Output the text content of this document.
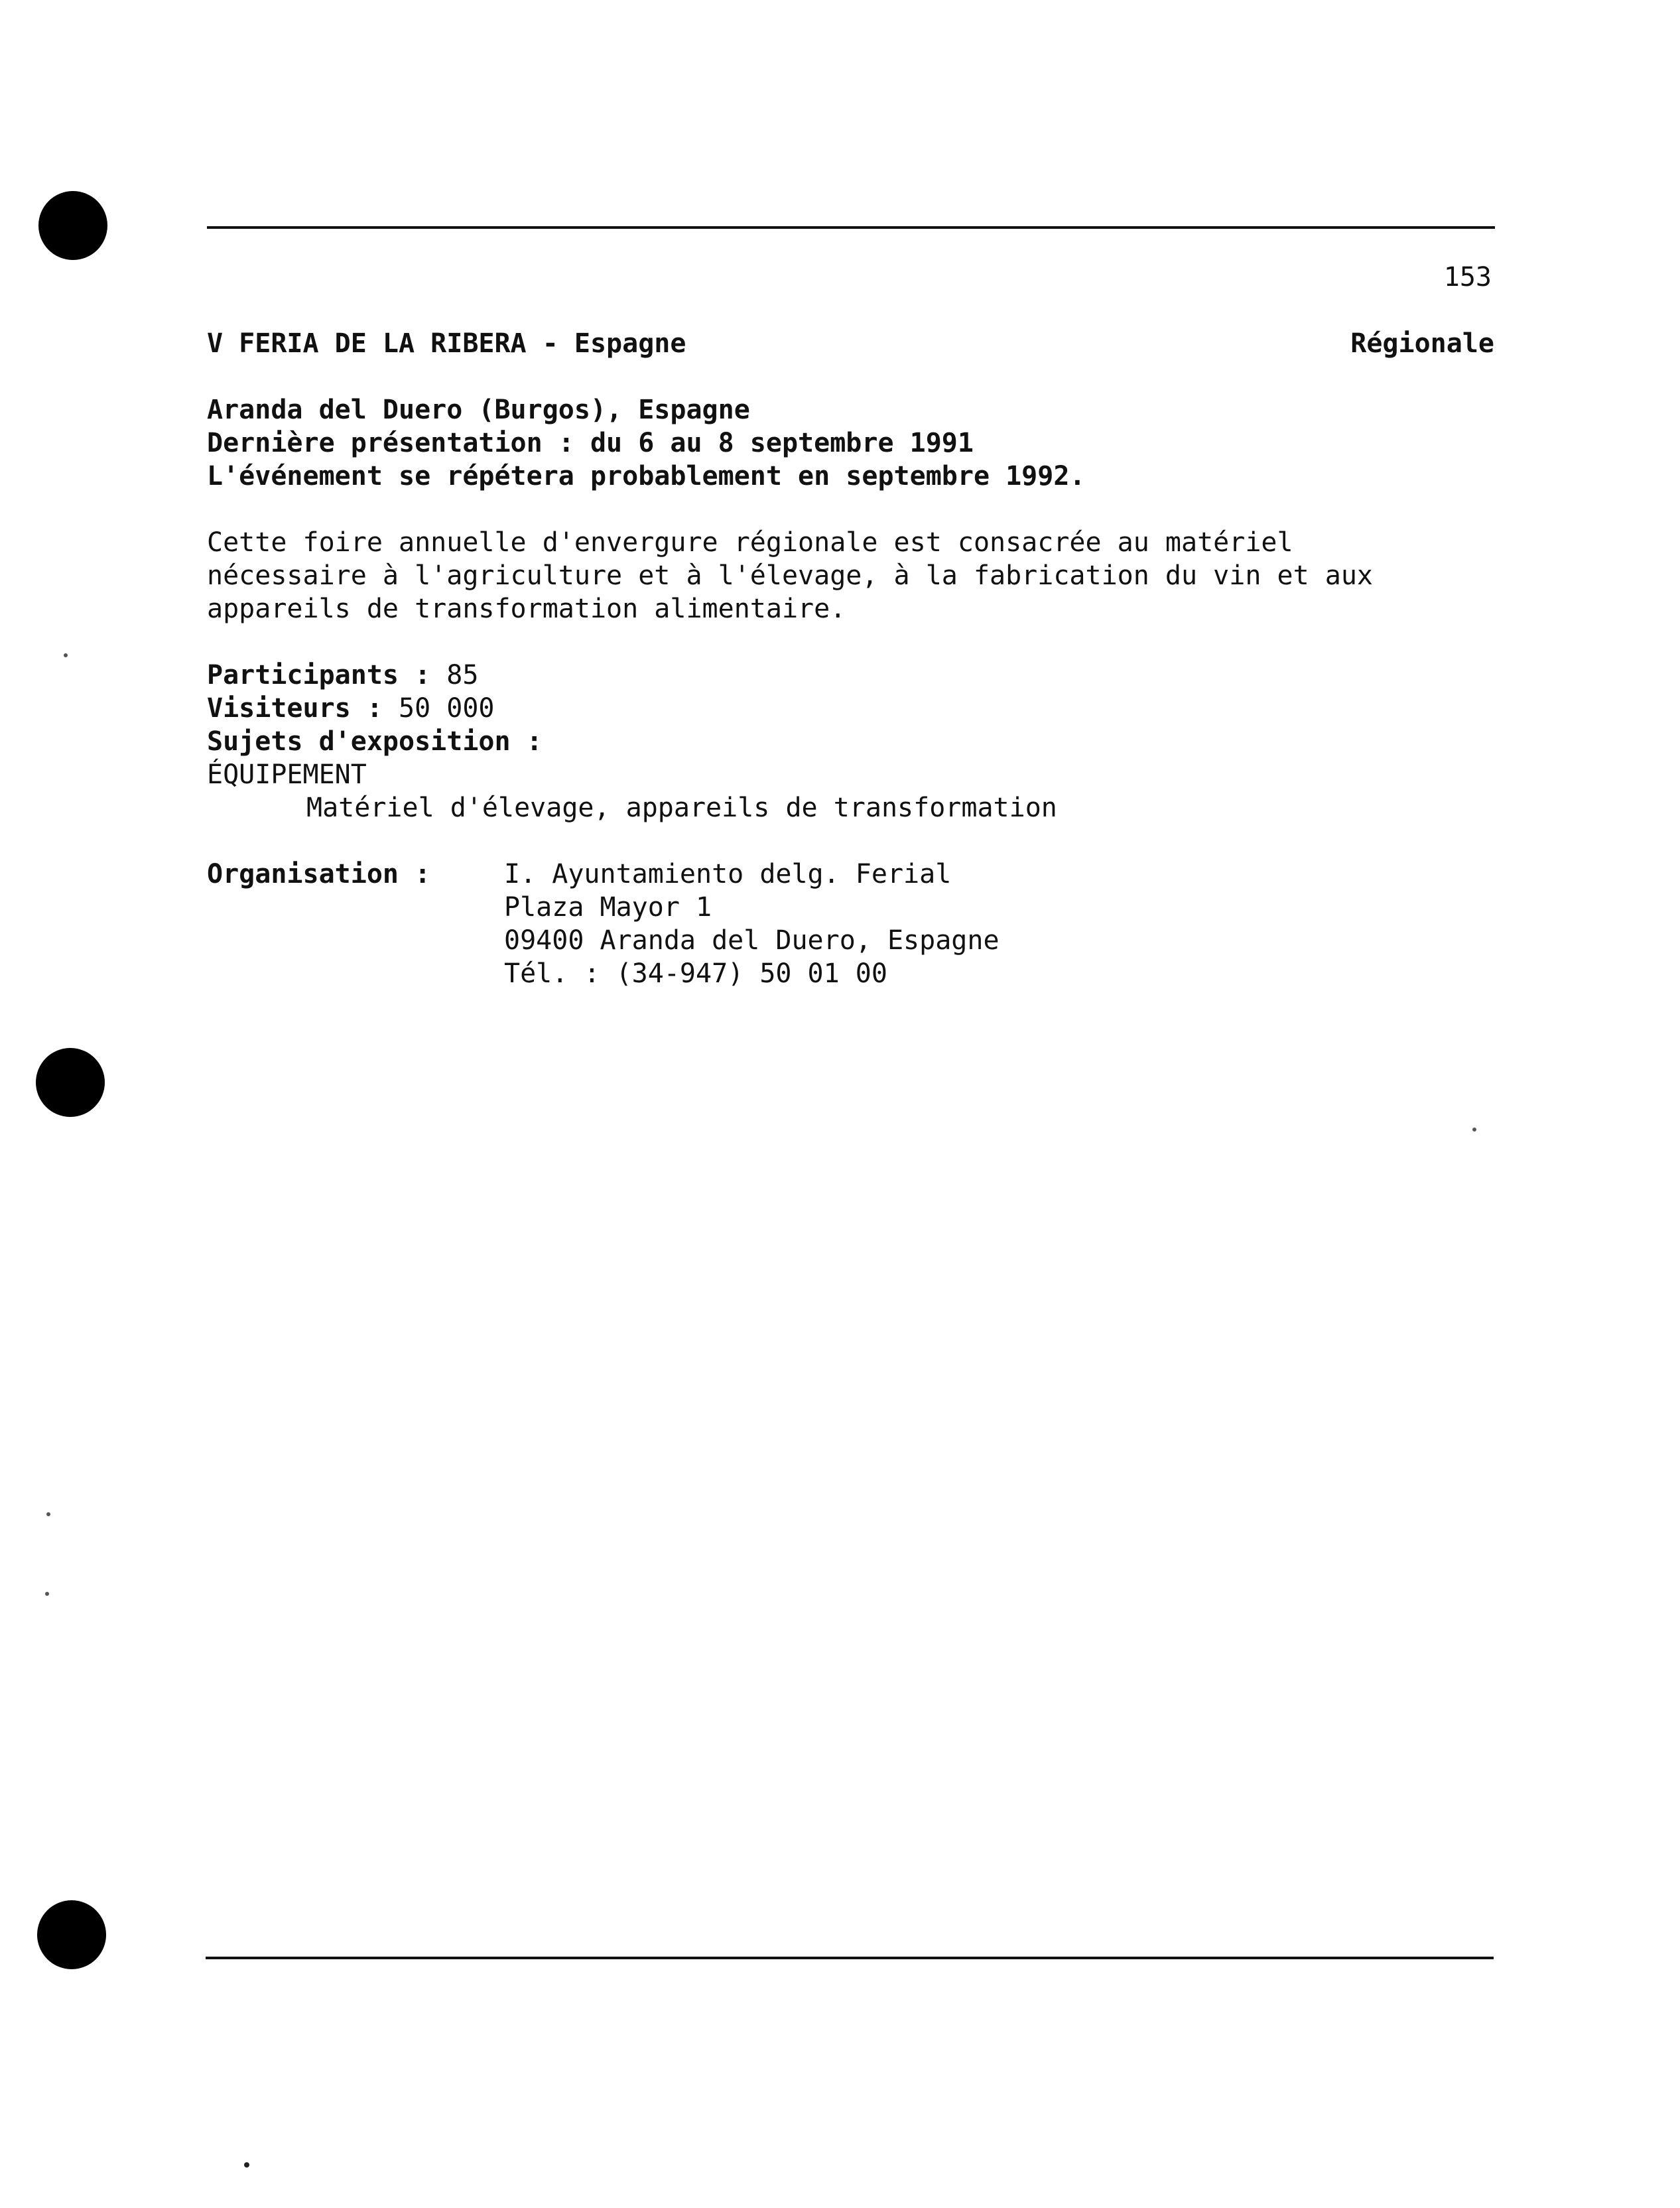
153
V FERIA DE LA RIBERA - Espagne	Régionale
Aranda del Duero (Burgos), Espagne
Dernière présentation : du 6 au 8 septembre 1991
L'événement se répétera probablement en septembre 1992.
Cette foire annuelle d'envergure régionale est consacrée au matériel
nécessaire à l'agriculture et à l'élevage, à la fabrication du vin et aux
appareils de transformation alimentaire.
Participants : 85
Visiteurs : 50 000
Sujets d'exposition :
ÉQUIPEMENT
Matériel d'élevage, appareils de transformation
Organisation :	I. Ayuntamiento delg. Ferial
Plaza Mayor 1
09400 Aranda del Duero, Espagne
Tél. : (34-947) 50 01 00
